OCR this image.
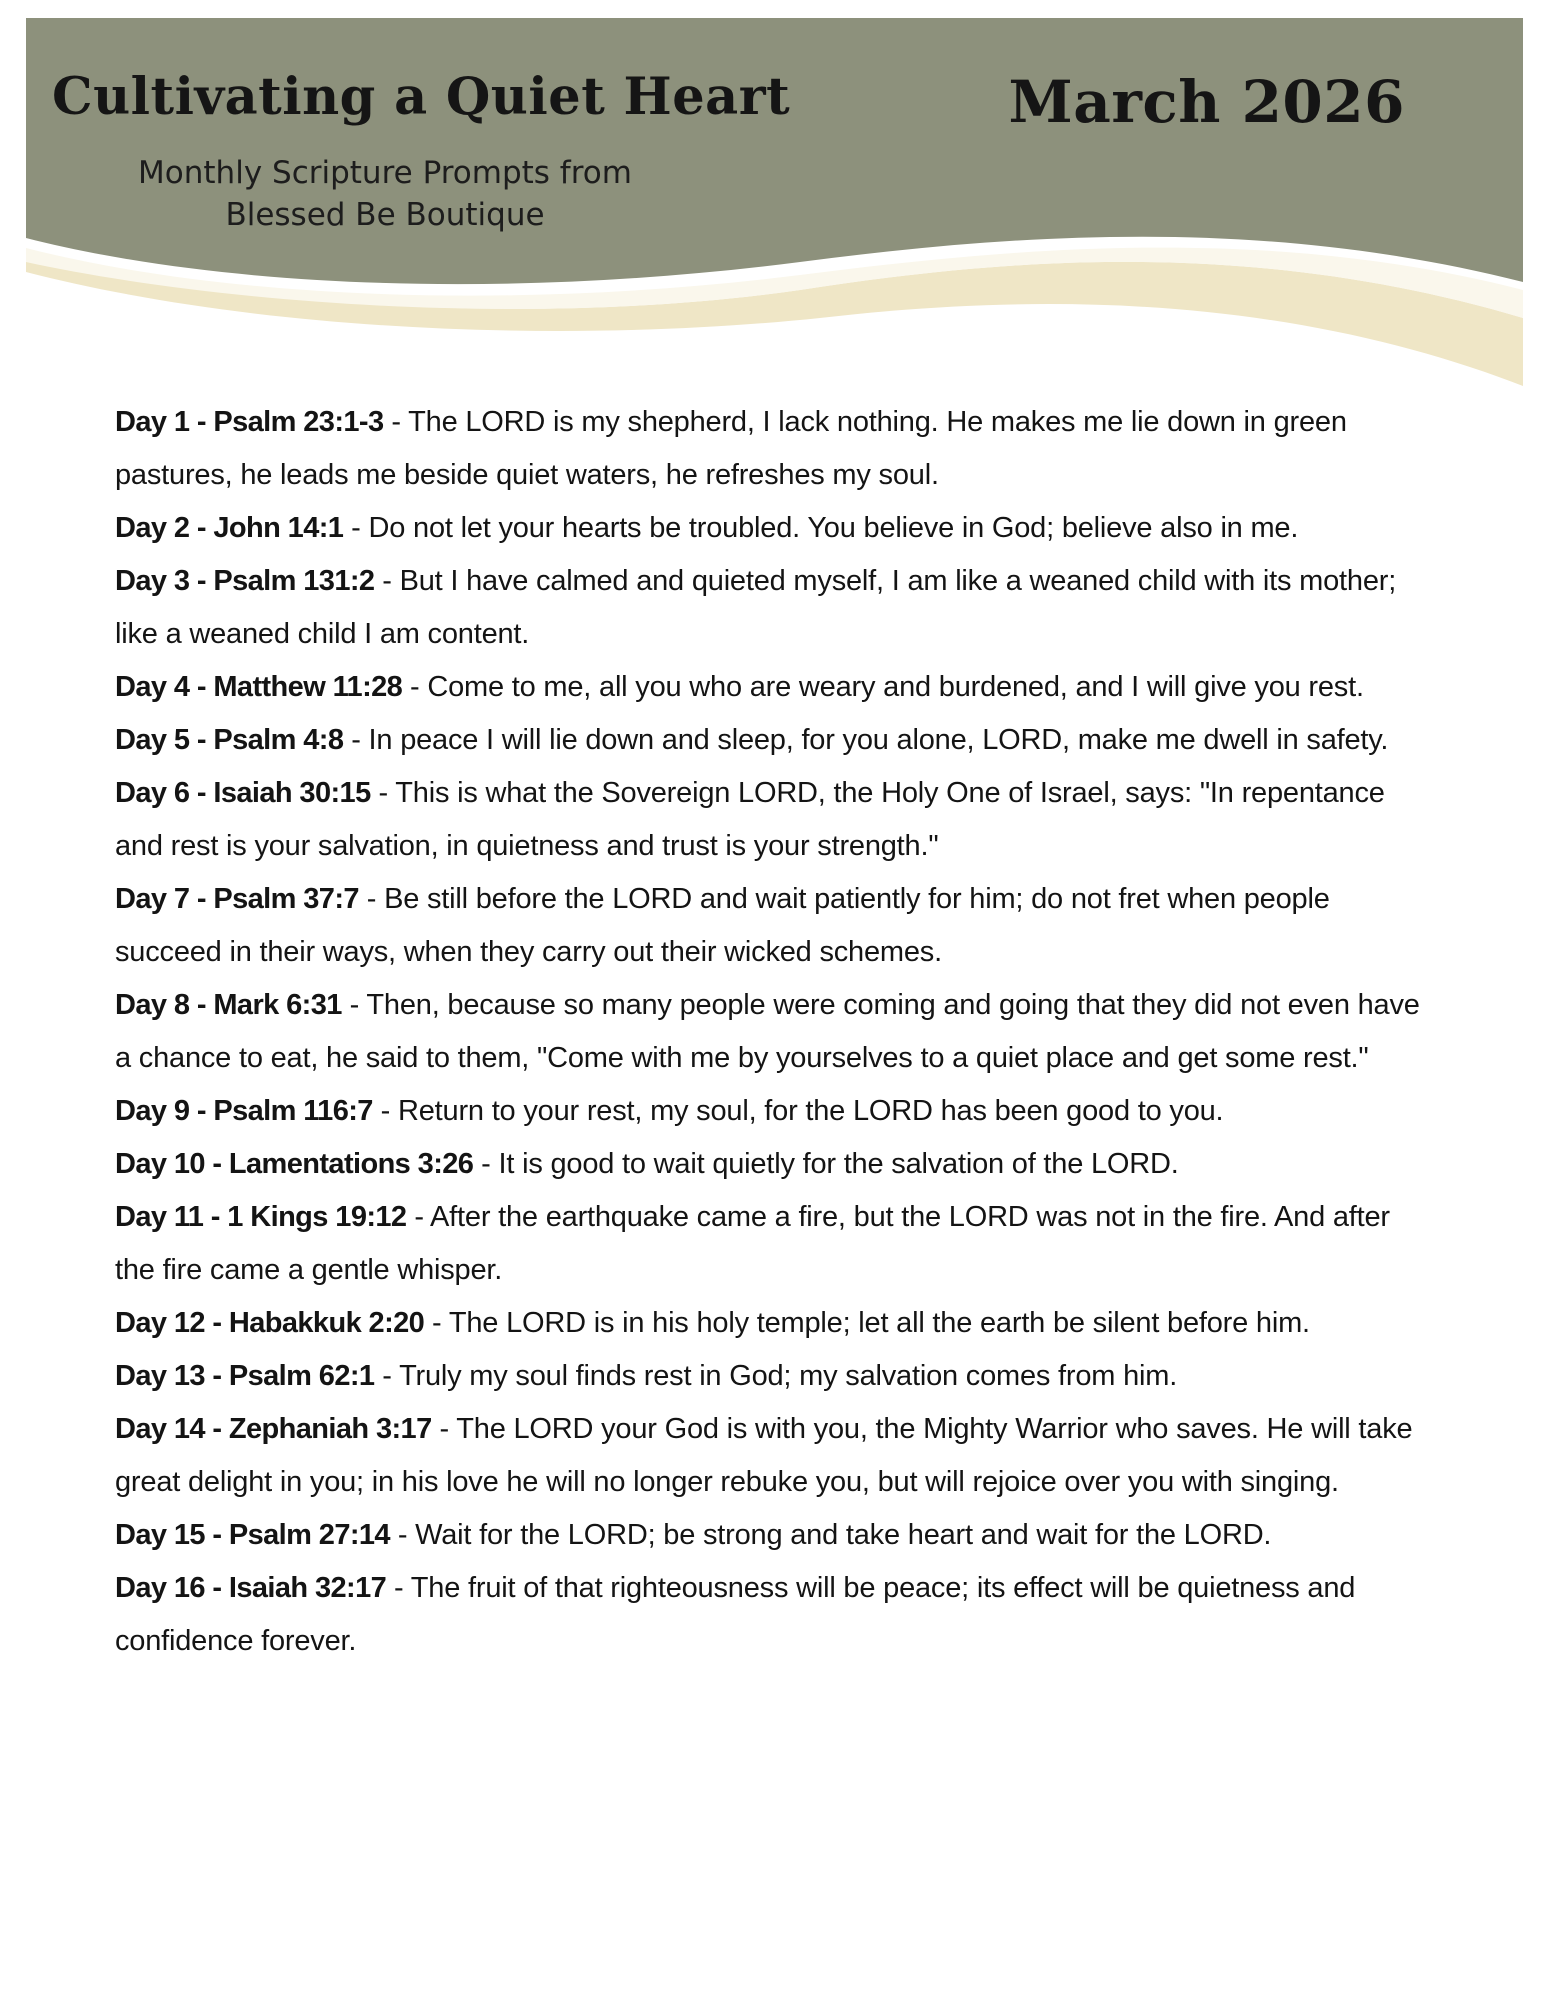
Cultivating a Quiet Heart	March 2026
Monthly Scripture Prompts from
Blessed Be Boutique
Day 1 - Psalm 23:1-3 - The LORD is my shepherd, I lack nothing. He makes me lie down in green pastures, he leads me beside quiet waters, he refreshes my soul.
Day 2 - John 14:1 - Do not let your hearts be troubled. You believe in God; believe also in me.
Day 3 - Psalm 131:2 - But I have calmed and quieted myself, I am like a weaned child with its mother; like a weaned child I am content.
Day 4 - Matthew 11:28 - Come to me, all you who are weary and burdened, and I will give you rest.
Day 5 - Psalm 4:8 - In peace I will lie down and sleep, for you alone, LORD, make me dwell in safety.
Day 6 - Isaiah 30:15 - This is what the Sovereign LORD, the Holy One of Israel, says: "In repentance and rest is your salvation, in quietness and trust is your strength."
Day 7 - Psalm 37:7 - Be still before the LORD and wait patiently for him; do not fret when people succeed in their ways, when they carry out their wicked schemes.
Day 8 - Mark 6:31 - Then, because so many people were coming and going that they did not even have a chance to eat, he said to them, "Come with me by yourselves to a quiet place and get some rest."
Day 9 - Psalm 116:7 - Return to your rest, my soul, for the LORD has been good to you.
Day 10 - Lamentations 3:26 - It is good to wait quietly for the salvation of the LORD.
Day 11 - 1 Kings 19:12 - After the earthquake came a fire, but the LORD was not in the fire. And after the fire came a gentle whisper.
Day 12 - Habakkuk 2:20 - The LORD is in his holy temple; let all the earth be silent before him.
Day 13 - Psalm 62:1 - Truly my soul finds rest in God; my salvation comes from him.
Day 14 - Zephaniah 3:17 - The LORD your God is with you, the Mighty Warrior who saves. He will take great delight in you; in his love he will no longer rebuke you, but will rejoice over you with singing.
Day 15 - Psalm 27:14 - Wait for the LORD; be strong and take heart and wait for the LORD.
Day 16 - Isaiah 32:17 - The fruit of that righteousness will be peace; its effect will be quietness and confidence forever.
